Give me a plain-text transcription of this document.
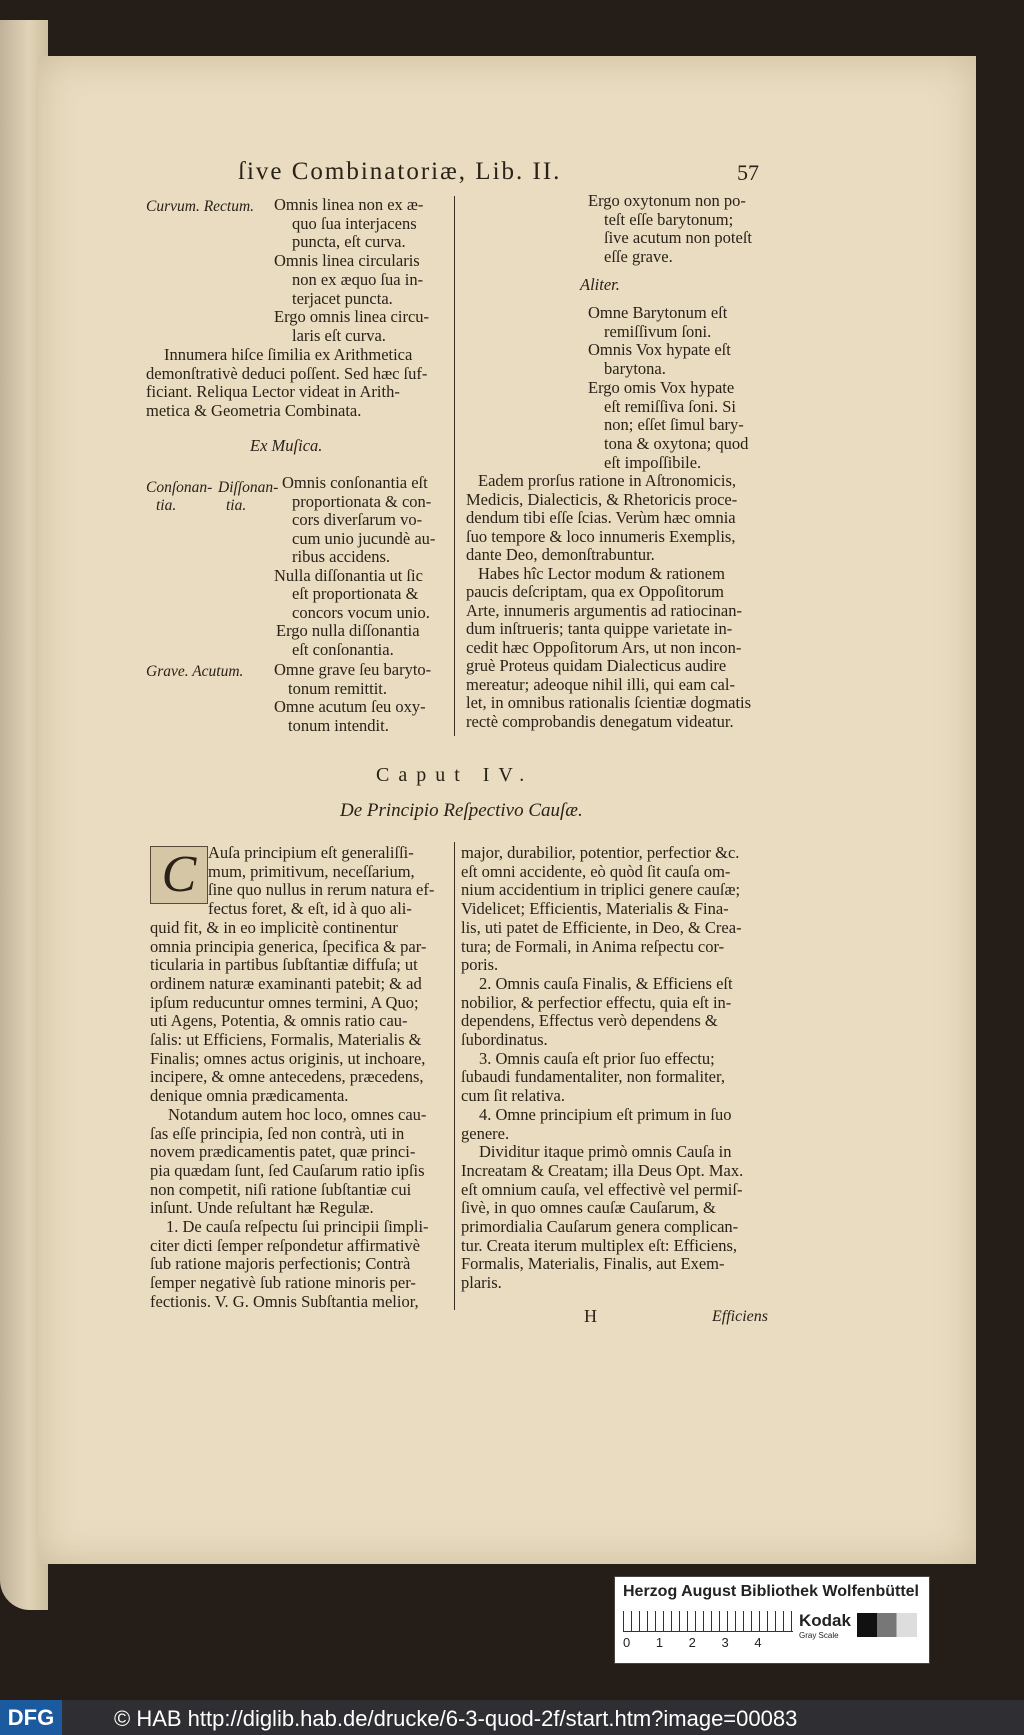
ſive Combinatoriæ, Lib. II.	57
Curvum. Rectum.
Ex Muſica.
Conſonan-
tia.
Diſſonan-
tia.
Grave. Acutum.
Omnis linea non ex æ-
quo ſua interjacens
puncta, eſt curva.
Omnis linea circularis
non ex æquo ſua in-
terjacet puncta.
Ergo omnis linea circu-
laris eſt curva.
Innumera hiſce ſimilia ex Arithmetica
demonſtrativè deduci poſſent. Sed hæc ſuf-
ficiant. Reliqua Lector videat in Arith-
metica & Geometria Combinata.
Omnis conſonantia eſt
proportionata & con-
cors diverſarum vo-
cum unio jucundè au-
ribus accidens.
Nulla diſſonantia ut ſic
eſt proportionata &
concors vocum unio.
Ergo nulla diſſonantia
eſt conſonantia.
Omne grave ſeu baryto-
tonum remittit.
Omne acutum ſeu oxy-
tonum intendit.
Aliter.
Ergo oxytonum non po-
teſt eſſe barytonum;
ſive acutum non poteſt
eſſe grave.
Omne Barytonum eſt
remiſſivum ſoni.
Omnis Vox hypate eſt
barytona.
Ergo omis Vox hypate
eſt remiſſiva ſoni. Si
non; eſſet ſimul bary-
tona & oxytona; quod
eſt impoſſibile.
Eadem prorſus ratione in Aſtronomicis,
Medicis, Dialecticis, & Rhetoricis proce-
dendum tibi eſſe ſcias. Verùm hæc omnia
ſuo tempore & loco innumeris Exemplis,
dante Deo, demonſtrabuntur.
Habes hîc Lector modum & rationem
paucis deſcriptam, qua ex Oppoſitorum
Arte, innumeris argumentis ad ratiocinan-
dum inſtrueris; tanta quippe varietate in-
cedit hæc Oppoſitorum Ars, ut non incon-
gruè Proteus quidam Dialecticus audire
mereatur; adeoque nihil illi, qui eam cal-
let, in omnibus rationalis ſcientiæ dogmatis
rectè comprobandis denegatum videatur.
Caput IV.
De Principio Reſpectivo Cauſæ.
C Auſa principium eſt generaliſſi-
mum, primitivum, neceſſarium,
ſine quo nullus in rerum natura ef-
fectus foret, & eſt, id à quo ali-
quid fit, & in eo implicitè continentur
omnia principia generica, ſpecifica & par-
ticularia in partibus ſubſtantiæ diffuſa; ut
ordinem naturæ examinanti patebit; & ad
ipſum reducuntur omnes termini, A Quo;
uti Agens, Potentia, & omnis ratio cau-
ſalis: ut Efficiens, Formalis, Materialis &
Finalis; omnes actus originis, ut inchoare,
incipere, & omne antecedens, præcedens,
denique omnia prædicamenta.
Notandum autem hoc loco, omnes cau-
ſas eſſe principia, ſed non contrà, uti in
novem prædicamentis patet, quæ princi-
pia quædam ſunt, ſed Cauſarum ratio ipſis
non competit, niſi ratione ſubſtantiæ cui
inſunt. Unde reſultant hæ Regulæ.
1. De cauſa reſpectu ſui principii ſimpli-
citer dicti ſemper reſpondetur affirmativè
ſub ratione majoris perfectionis; Contrà
ſemper negativè ſub ratione minoris per-
fectionis. V. G. Omnis Subſtantia melior,
major, durabilior, potentior, perfectior &c.
eſt omni accidente, eò quòd ſit cauſa om-
nium accidentium in triplici genere cauſæ;
Videlicet; Efficientis, Materialis & Fina-
lis, uti patet de Efficiente, in Deo, & Crea-
tura; de Formali, in Anima reſpectu cor-
poris.
2. Omnis cauſa Finalis, & Efficiens eſt
nobilior, & perfectior effectu, quia eſt in-
dependens, Effectus verò dependens &
ſubordinatus.
3. Omnis cauſa eſt prior ſuo effectu;
ſubaudi fundamentaliter, non formaliter,
cum ſit relativa.
4. Omne principium eſt primum in ſuo
genere.
Dividitur itaque primò omnis Cauſa in
Increatam & Creatam; illa Deus Opt. Max.
eſt omnium cauſa, vel effectivè vel permiſ-
ſivè, in quo omnes cauſæ Cauſarum, &
primordialia Cauſarum genera complican-
tur. Creata iterum multiplex eſt: Efficiens,
Formalis, Materialis, Finalis, aut Exem-
plaris.
H	Efficiens
Herzog August Bibliothek Wolfenbüttel
0 1 2 3 4
Kodak
Gray Scale
DFG	© HAB http://diglib.hab.de/drucke/6-3-quod-2f/start.htm?image=00083
